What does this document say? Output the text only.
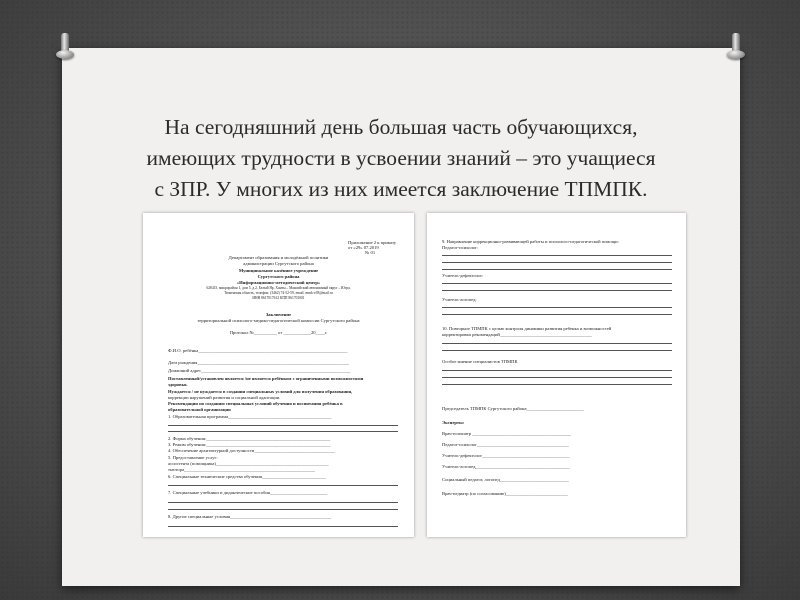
На сегодняшний день большая часть обучающихся,
имеющих трудности в усвоении знаний – это учащиеся
с ЗПР. У многих из них имеется заключение ТПМПК.
Приложение 2 к приказу
от «29» 07.2019
№ 01
Департамент образования и молодёжной политики
администрации Сургутского района
Муниципальное казённое учреждение
Сургутского района
«Информационно-методический центр»
628415, микрорайон 1, дом 5, д.2, Белый Яр, Ханты – Мансийский автономный округ – Югра,
Тюменская область, телефон: (3462) 74-52-59, email: mmk-e39@mail.ru
ИНН 8617017612 КПП 861701001
Заключение
территориальной психолого-медико-педагогической комиссии Сургутского района
Протокол №__________ от ____________20____г.
Ф.И.О. ребёнка_________________________________________________________________
Дата рождения__________________________________________________________________
Домашний адрес_________________________________________________________________
Поставленный/установлен является /не является ребёнком с ограниченными возможностями
здоровья.
Нуждается / не нуждается в создании специальных условий для получения образования,
коррекции нарушений развития и социальной адаптации.
Рекомендации по созданию специальных условий обучения и воспитания ребёнка в
образовательной организации
1. Образовательная программа_____________________________________________
2. Форма обучения:______________________________________________________
3. Режим обучения:______________________________________________________
4. Обеспечение архитектурной доступности___________________________________
5. Предоставление услуг:
ассистента (помощника)_________________________________________________
тьютора_________________________________________________________
6. Специальные технические средства обучения____________________________
7. Специальные учебники и дидактические пособия_________________________
8. Другие специальные условия____________________________________________
9. Направление коррекционно-развивающей работы и психолого-педагогической помощи:
Педагог-психолог:
Учитель-дефектолог:
Учитель-логопед:
10. Повторное ТПМПК с целью контроля динамики развития ребенка и возможностей
корректировки рекомендаций________________________________________
Особое мнение специалистов ТПМПК
Председатель ТПМПК Сургутского района_________________________
Эксперты:
Врач-психиатр ___________________________________________
Педагог-психолог________________________________________
Учитель-дефектолог______________________________________
Учитель-логопед_________________________________________
Социальный педагог, логопед______________________________
Врач-педиатр (по согласованию)___________________________
